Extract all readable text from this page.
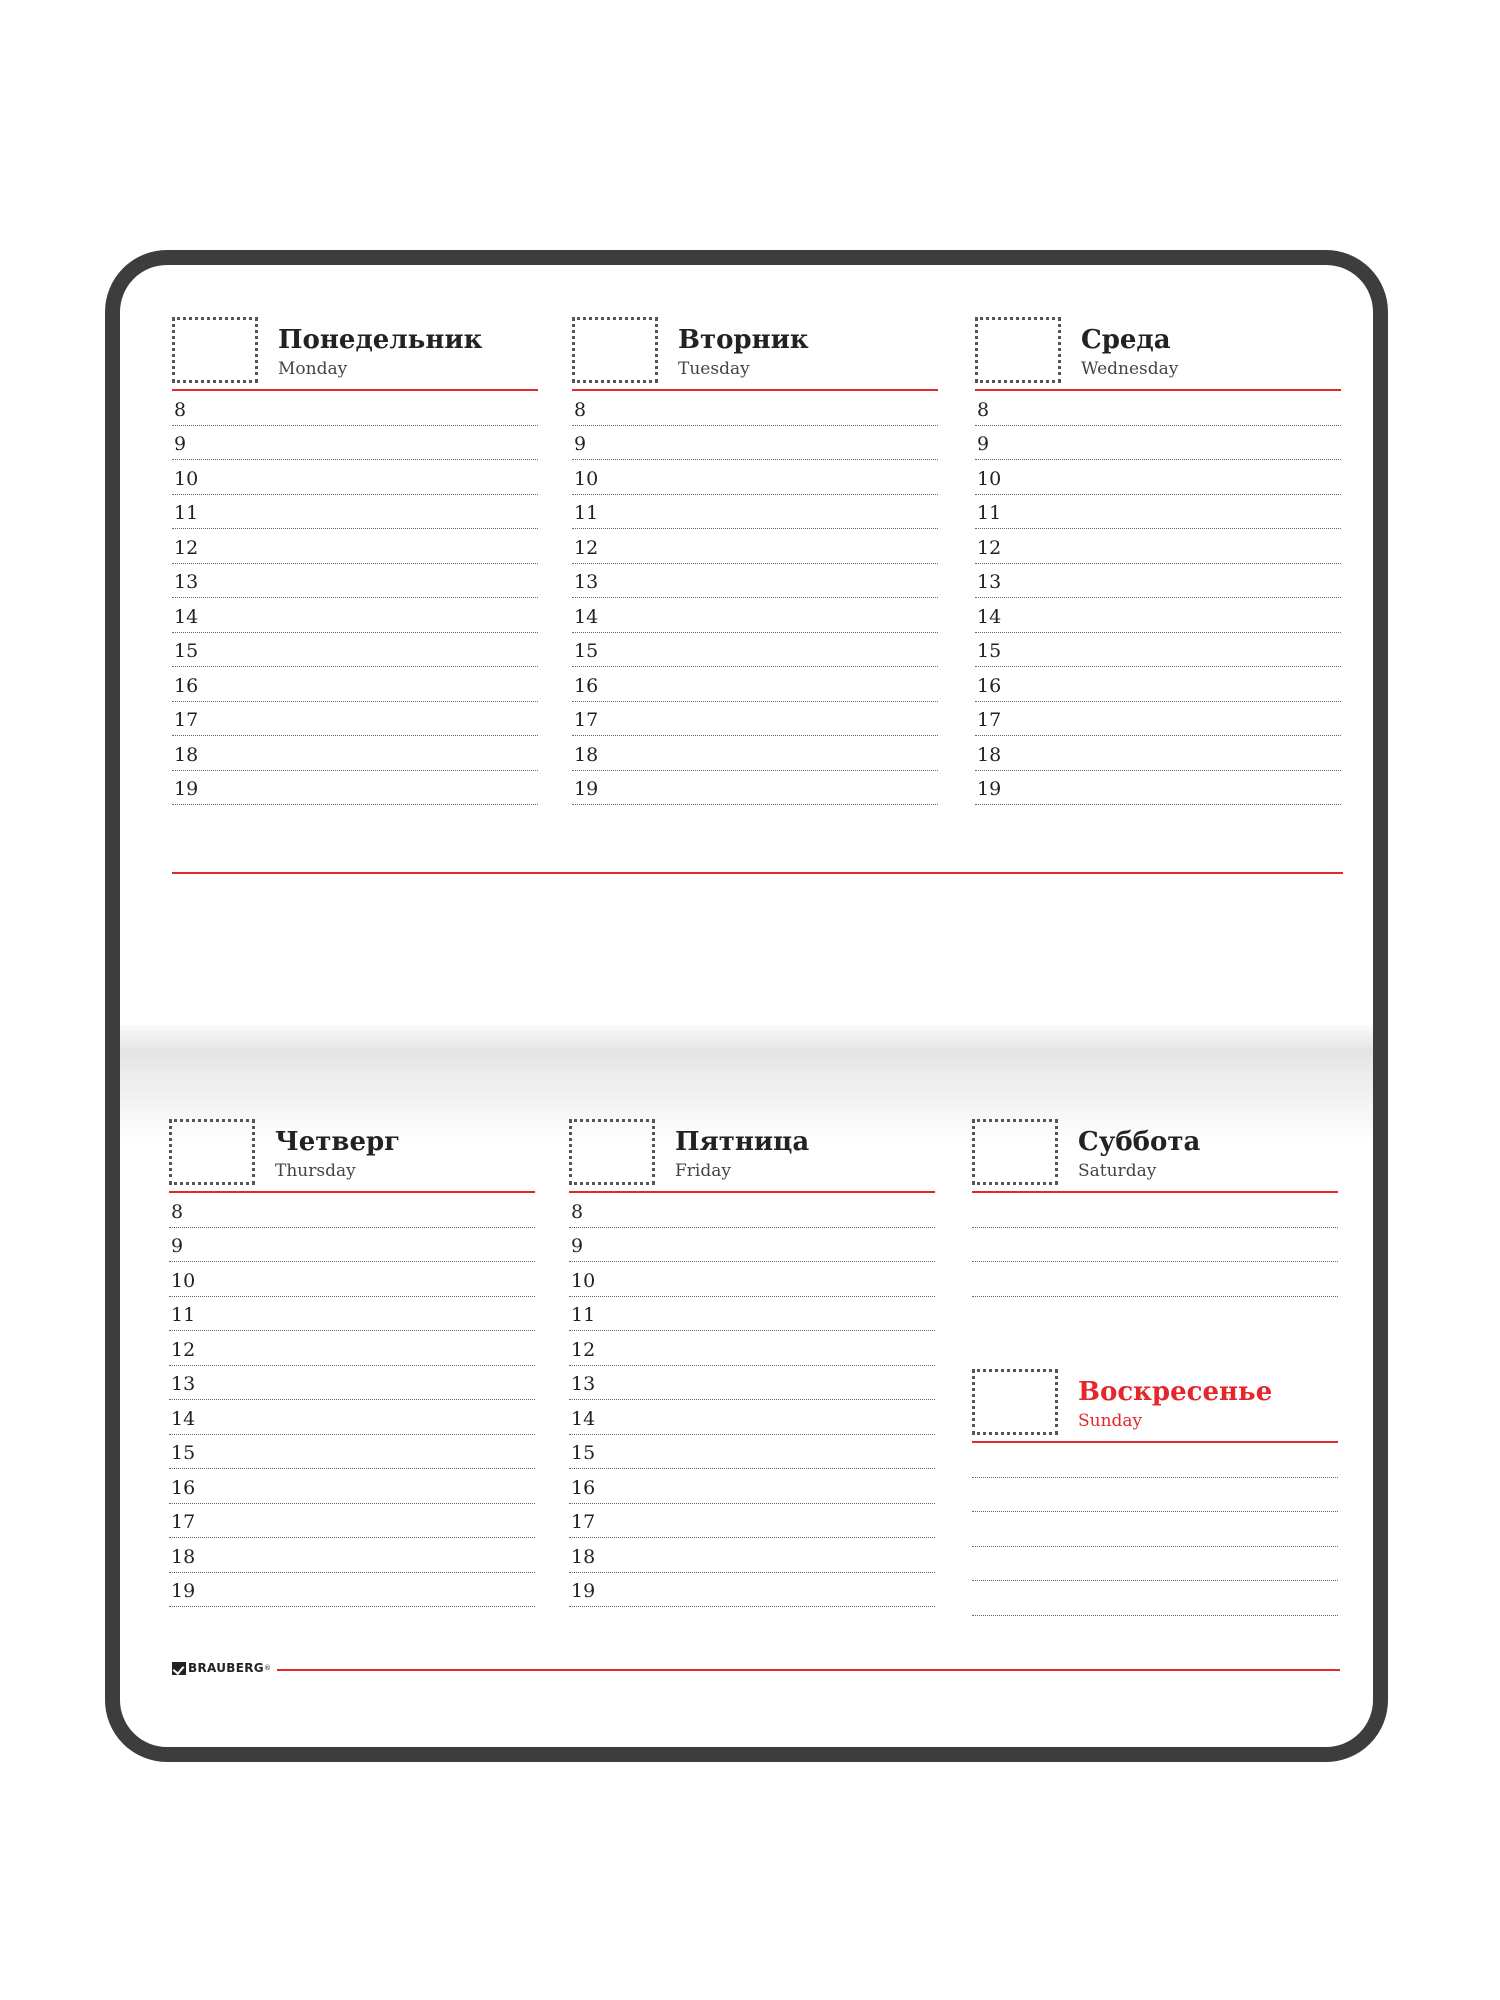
Понедельник
Monday
8
9
10
11
12
13
14
15
16
17
18
19
Вторник
Tuesday
8
9
10
11
12
13
14
15
16
17
18
19
Среда
Wednesday
8
9
10
11
12
13
14
15
16
17
18
19
Четверг
Thursday
8
9
10
11
12
13
14
15
16
17
18
19
Пятница
Friday
8
9
10
11
12
13
14
15
16
17
18
19
Суббота
Saturday
Воскресенье
Sunday
BRAUBERG ®
